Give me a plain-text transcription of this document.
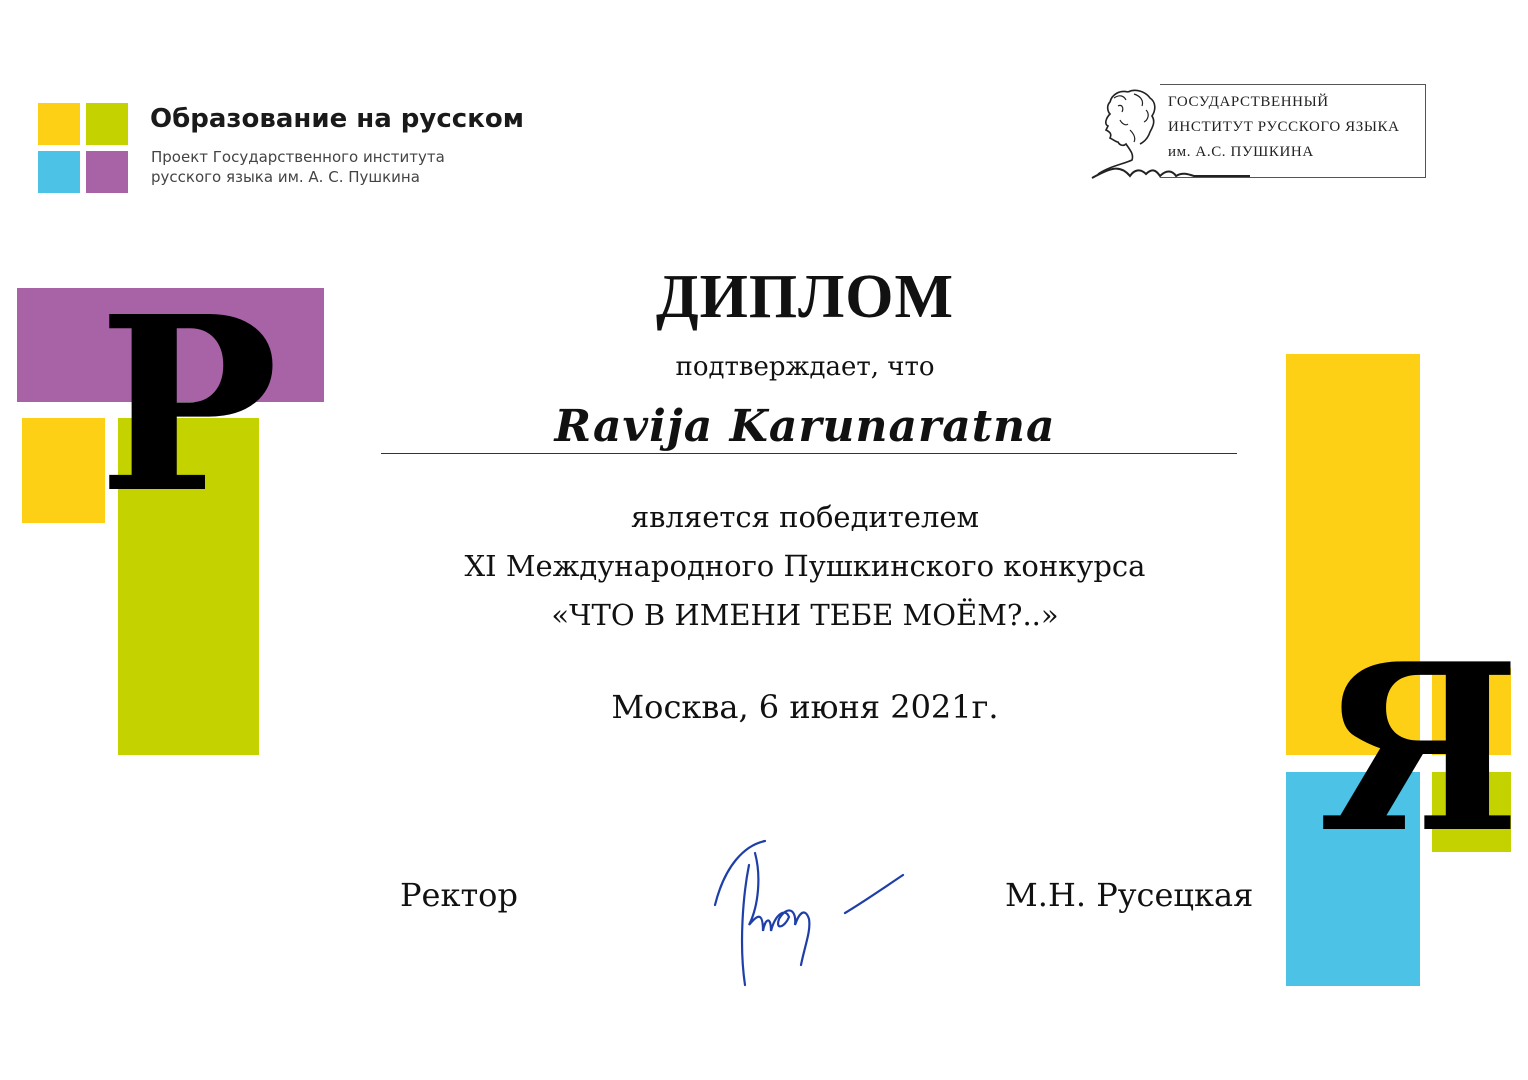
Образование на русском
Проект Государственного института
русского языка им. А. С. Пушкина
ГОСУДАРСТВЕННЫЙ
ИНСТИТУТ РУССКОГО ЯЗЫКА
им. А.С. ПУШКИНА
Р
Я
ДИПЛОМ
подтверждает, что
Ravija Karunaratna
является победителем
XI Международного Пушкинского конкурса
«ЧТО В ИМЕНИ ТЕБЕ МОЁМ?..»
Москва, 6 июня 2021г.
Ректор	М.Н. Русецкая
